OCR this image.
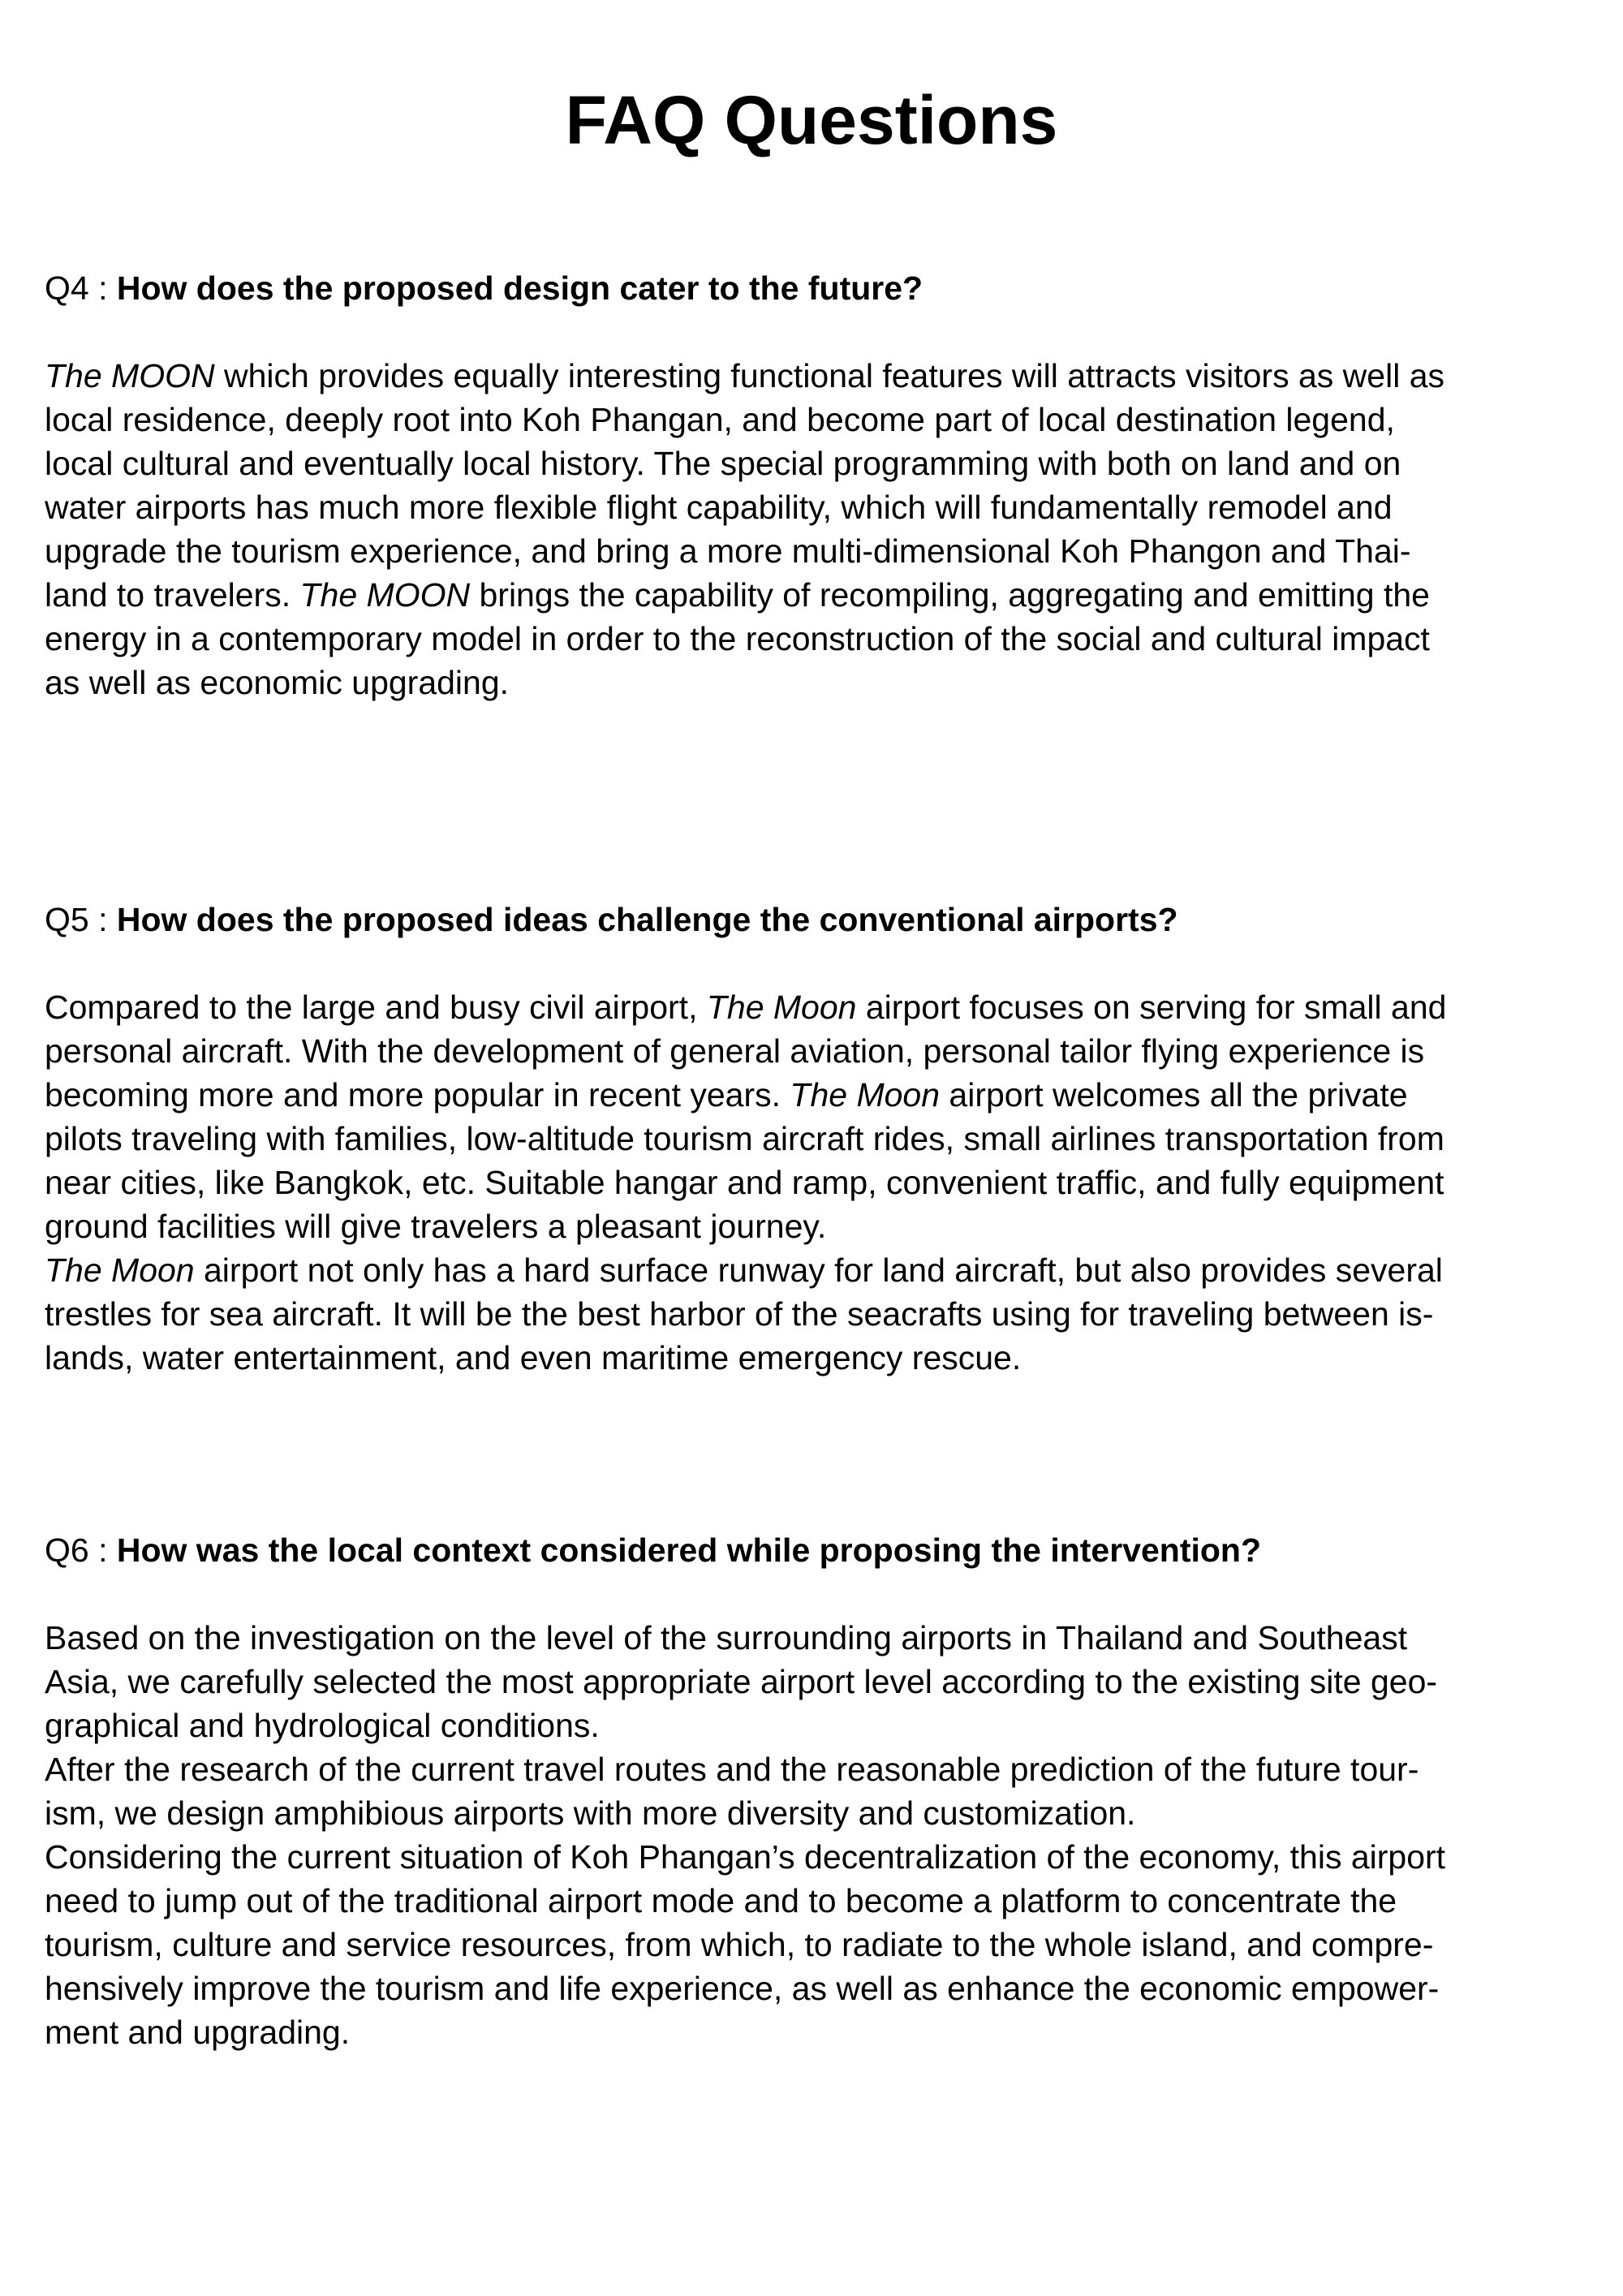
FAQ Questions

Q4 : How does the proposed design cater to the future?

The MOON which provides equally interesting functional features will attracts visitors as well as
local residence, deeply root into Koh Phangan, and become part of local destination legend,
local cultural and eventually local history. The special programming with both on land and on
water airports has much more flexible flight capability, which will fundamentally remodel and
upgrade the tourism experience, and bring a more multi-dimensional Koh Phangon and Thai-
land to travelers. The MOON brings the capability of recompiling, aggregating and emitting the
energy in a contemporary model in order to the reconstruction of the social and cultural impact
as well as economic upgrading.

Q5 : How does the proposed ideas challenge the conventional airports?

Compared to the large and busy civil airport, The Moon airport focuses on serving for small and
personal aircraft. With the development of general aviation, personal tailor flying experience is
becoming more and more popular in recent years. The Moon airport welcomes all the private
pilots traveling with families, low-altitude tourism aircraft rides, small airlines transportation from
near cities, like Bangkok, etc. Suitable hangar and ramp, convenient traffic, and fully equipment
ground facilities will give travelers a pleasant journey.
The Moon airport not only has a hard surface runway for land aircraft, but also provides several
trestles for sea aircraft. It will be the best harbor of the seacrafts using for traveling between is-
lands, water entertainment, and even maritime emergency rescue.

Q6 : How was the local context considered while proposing the intervention?

Based on the investigation on the level of the surrounding airports in Thailand and Southeast
Asia, we carefully selected the most appropriate airport level according to the existing site geo-
graphical and hydrological conditions.
After the research of the current travel routes and the reasonable prediction of the future tour-
ism, we design amphibious airports with more diversity and customization.
Considering the current situation of Koh Phangan’s decentralization of the economy, this airport
need to jump out of the traditional airport mode and to become a platform to concentrate the
tourism, culture and service resources, from which, to radiate to the whole island, and compre-
hensively improve the tourism and life experience, as well as enhance the economic empower-
ment and upgrading.
